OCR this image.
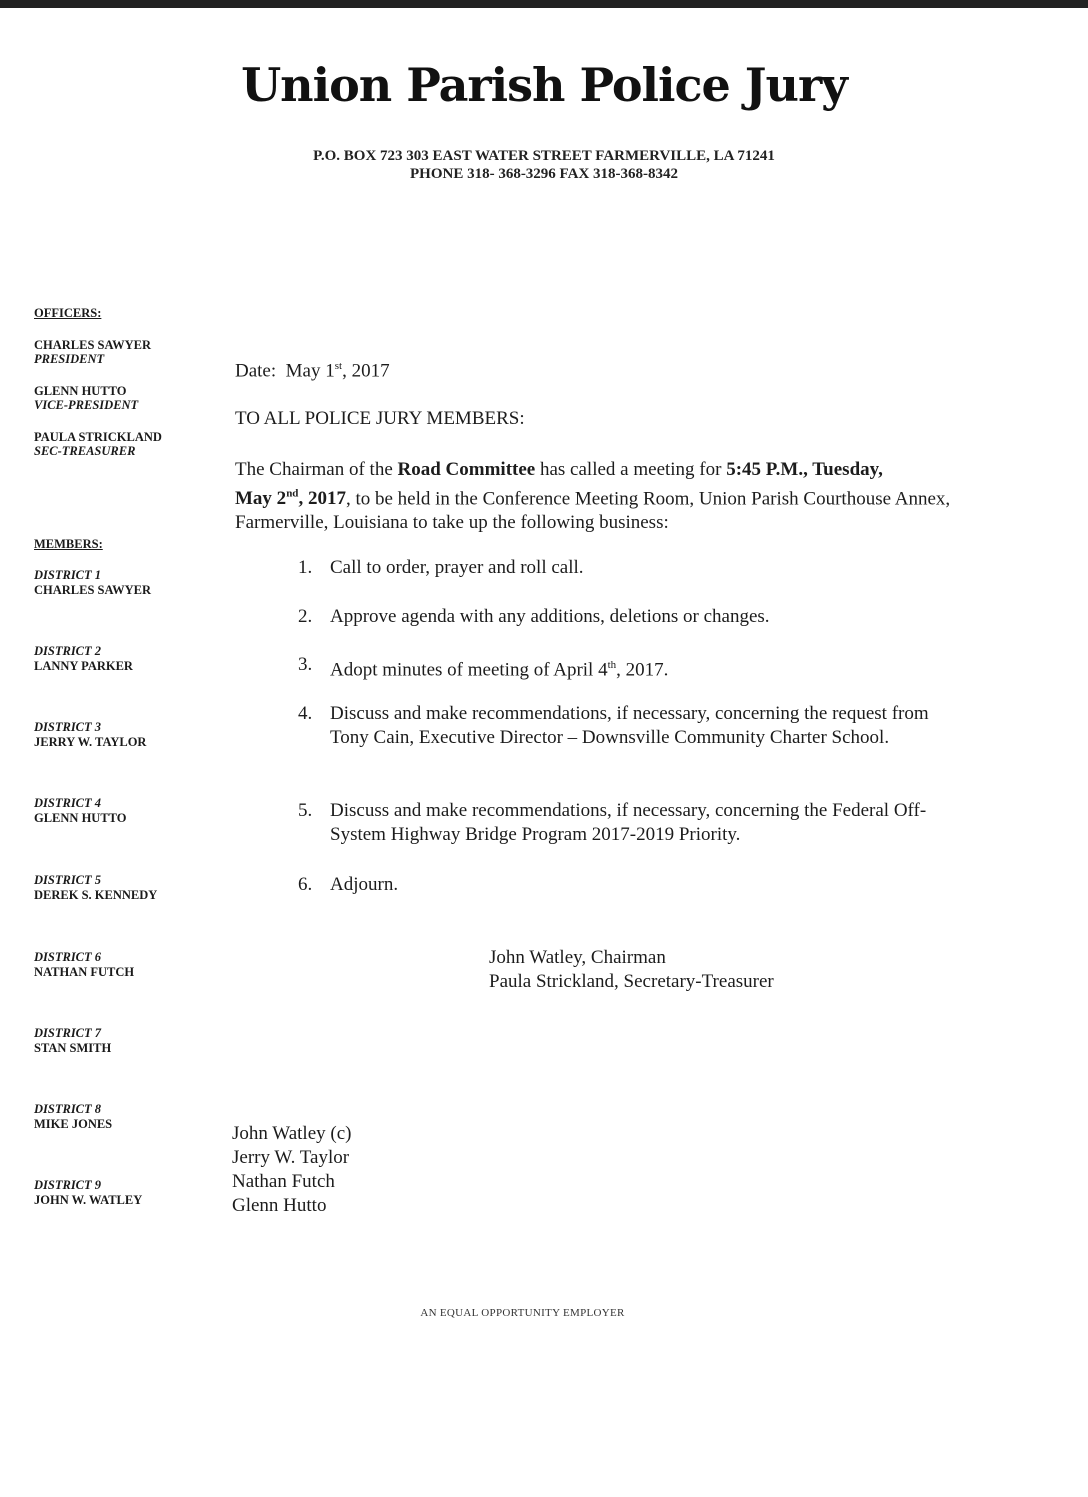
Union Parish Police Jury
P.O. BOX 723 303 EAST WATER STREET FARMERVILLE, LA 71241
PHONE 318- 368-3296 FAX 318-368-8342
OFFICERS:
CHARLES SAWYER
PRESIDENT
GLENN HUTTO
VICE-PRESIDENT
PAULA STRICKLAND
SEC-TREASURER
MEMBERS:
DISTRICT 1
CHARLES SAWYER
DISTRICT 2
LANNY PARKER
DISTRICT 3
JERRY W. TAYLOR
DISTRICT 4
GLENN HUTTO
DISTRICT 5
DEREK S. KENNEDY
DISTRICT 6
NATHAN FUTCH
DISTRICT 7
STAN SMITH
DISTRICT 8
MIKE JONES
DISTRICT 9
JOHN W. WATLEY
Date: May 1st, 2017
TO ALL POLICE JURY MEMBERS:
The Chairman of the Road Committee has called a meeting for 5:45 P.M., Tuesday,
May 2nd, 2017, to be held in the Conference Meeting Room, Union Parish Courthouse Annex, Farmerville, Louisiana to take up the following business:
1. Call to order, prayer and roll call.
2. Approve agenda with any additions, deletions or changes.
3. Adopt minutes of meeting of April 4th, 2017.
4. Discuss and make recommendations, if necessary, concerning the request from Tony Cain, Executive Director – Downsville Community Charter School.
5. Discuss and make recommendations, if necessary, concerning the Federal Off-System Highway Bridge Program 2017-2019 Priority.
6. Adjourn.
John Watley, Chairman
Paula Strickland, Secretary-Treasurer
John Watley (c)
Jerry W. Taylor
Nathan Futch
Glenn Hutto
AN EQUAL OPPORTUNITY EMPLOYER
